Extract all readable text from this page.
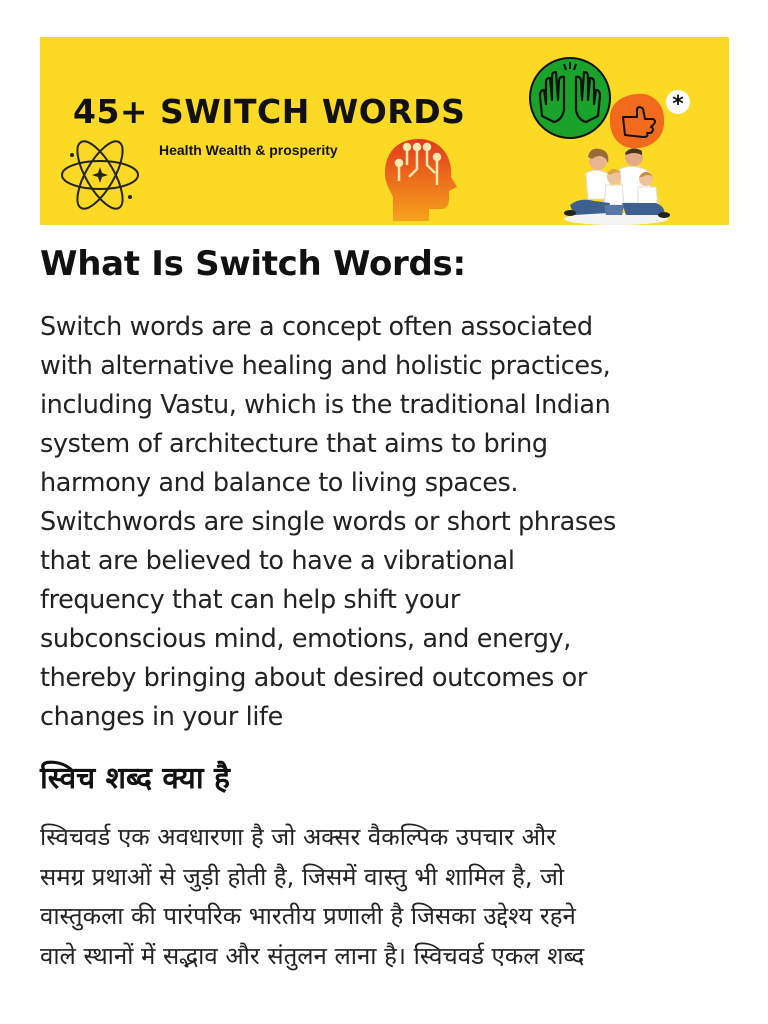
45+ SWITCH WORDS
Health Wealth & prosperity
*
What Is Switch Words:
Switch words are a concept often associated
with alternative healing and holistic practices,
including Vastu, which is the traditional Indian
system of architecture that aims to bring
harmony and balance to living spaces.
Switchwords are single words or short phrases
that are believed to have a vibrational
frequency that can help shift your
subconscious mind, emotions, and energy,
thereby bringing about desired outcomes or
changes in your life
स्विच शब्द क्या है
स्विचवर्ड एक अवधारणा है जो अक्सर वैकल्पिक उपचार और
समग्र प्रथाओं से जुड़ी होती है, जिसमें वास्तु भी शामिल है, जो
वास्तुकला की पारंपरिक भारतीय प्रणाली है जिसका उद्देश्य रहने
वाले स्थानों में सद्भाव और संतुलन लाना है। स्विचवर्ड एकल शब्द
